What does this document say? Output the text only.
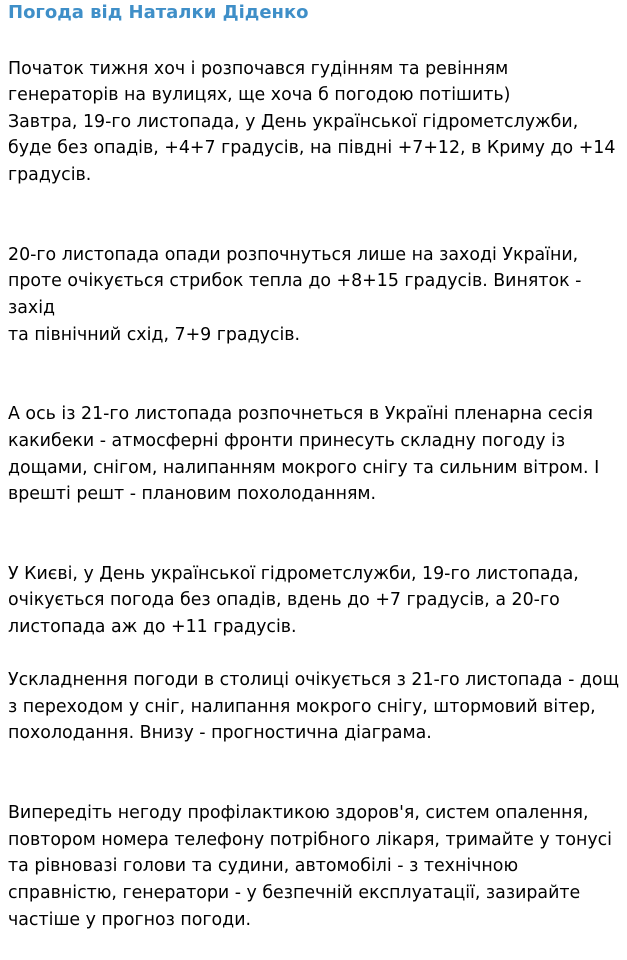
Погода від Наталки Діденко

Початок тижня хоч і розпочався гудінням та ревінням
генераторів на вулицях, ще хоча б погодою потішить)
Завтра, 19-го листопада, у День української гідрометслужби,
буде без опадів, +4+7 градусів, на півдні +7+12, в Криму до +14
градусів.

20-го листопада опади розпочнуться лише на заході України,
проте очікується стрибок тепла до +8+15 градусів. Виняток - захід
та північний схід, 7+9 градусів.

А ось із 21-го листопада розпочнеться в Україні пленарна сесія
какибеки - атмосферні фронти принесуть складну погоду із
дощами, снігом, налипанням мокрого снігу та сильним вітром. І
врешті решт - плановим похолоданням.

У Києві, у День української гідрометслужби, 19-го листопада,
очікується погода без опадів, вдень до +7 градусів, а 20-го
листопада аж до +11 градусів.

Ускладнення погоди в столиці очікується з 21-го листопада - дощ
з переходом у сніг, налипання мокрого снігу, штормовий вітер,
похолодання. Внизу - прогностична діаграма.

Випередіть негоду профілактикою здоров'я, систем опалення,
повтором номера телефону потрібного лікаря, тримайте у тонусі
та рівновазі голови та судини, автомобілі - з технічною
справністю, генератори - у безпечній експлуатації, зазирайте
частіше у прогноз погоди.
